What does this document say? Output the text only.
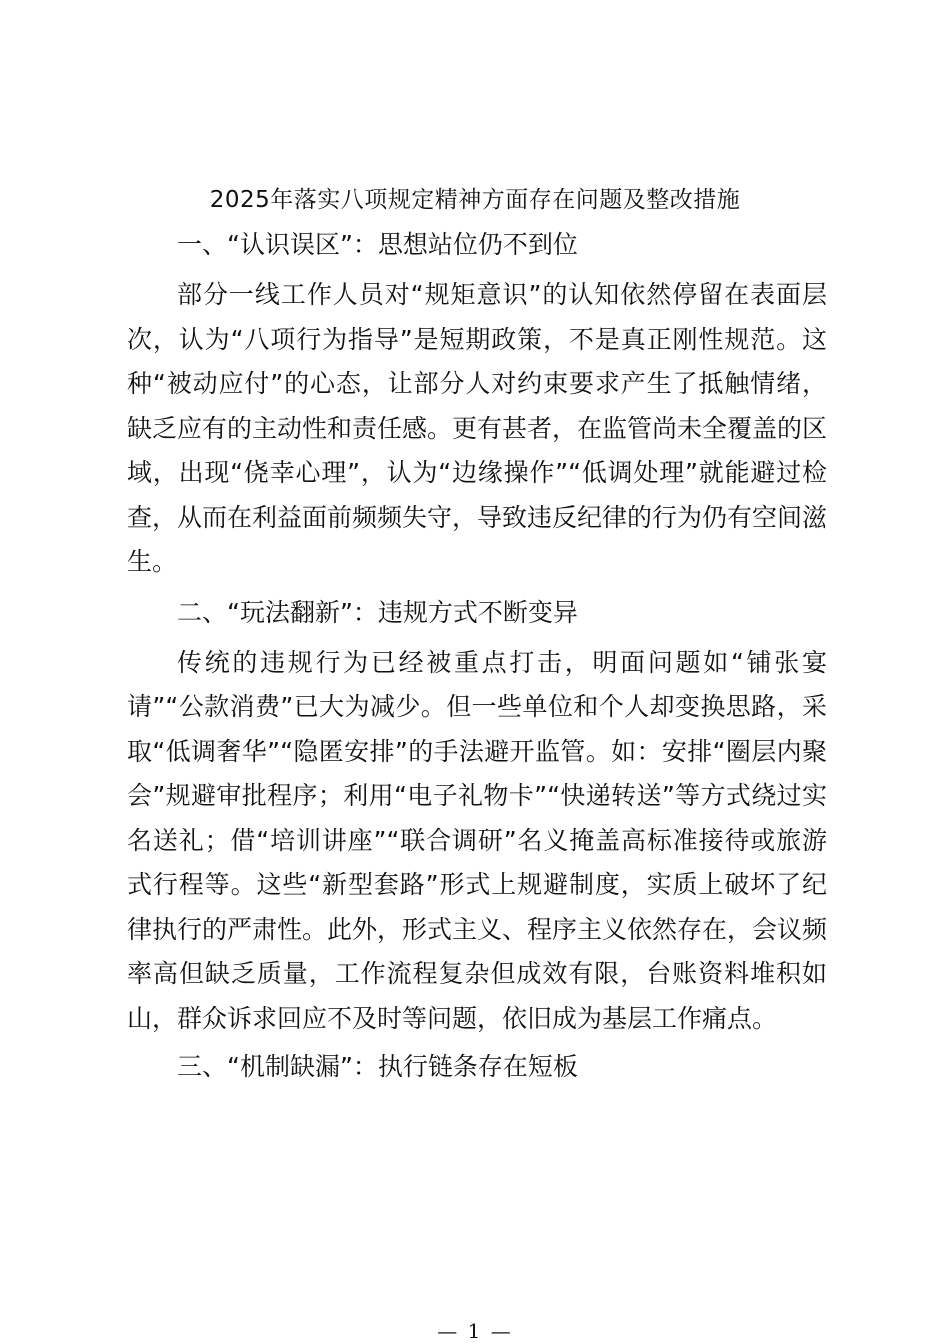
2025年落实八项规定精神方面存在问题及整改措施
一、“认识误区”：思想站位仍不到位

部分一线工作人员对“规矩意识”的认知依然停留在表面层次，认为“八项行为指导”是短期政策，不是真正刚性规范。这种“被动应付”的心态，让部分人对约束要求产生了抵触情绪，缺乏应有的主动性和责任感。更有甚者，在监管尚未全覆盖的区域，出现“侥幸心理”，认为“边缘操作”“低调处理”就能避过检查，从而在利益面前频频失守，导致违反纪律的行为仍有空间滋生。

二、“玩法翻新”：违规方式不断变异

传统的违规行为已经被重点打击，明面问题如“铺张宴请”“公款消费”已大为减少。但一些单位和个人却变换思路，采取“低调奢华”“隐匿安排”的手法避开监管。如：安排“圈层内聚会”规避审批程序；利用“电子礼物卡”“快递转送”等方式绕过实名送礼；借“培训讲座”“联合调研”名义掩盖高标准接待或旅游式行程等。这些“新型套路”形式上规避制度，实质上破坏了纪律执行的严肃性。此外，形式主义、程序主义依然存在，会议频率高但缺乏质量，工作流程复杂但成效有限，台账资料堆积如山，群众诉求回应不及时等问题，依旧成为基层工作痛点。

三、“机制缺漏”：执行链条存在短板
— 1 —
